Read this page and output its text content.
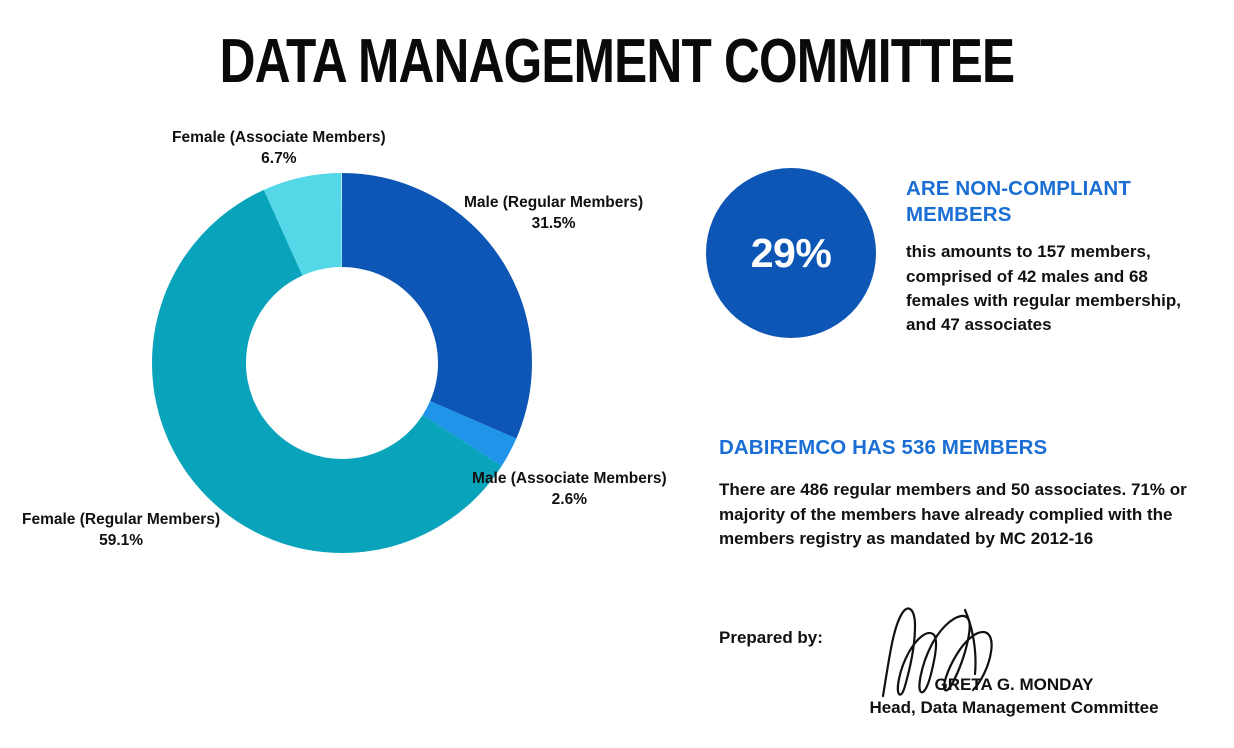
DATA MANAGEMENT COMMITTEE
Female (Associate Members)
6.7%
Male (Regular Members)
31.5%
Male (Associate Members)
2.6%
Female (Regular Members)
59.1%
29%
ARE NON-COMPLIANT MEMBERS
this amounts to 157 members, comprised of 42 males and 68 females with regular membership, and 47 associates
DABIREMCO HAS 536 MEMBERS
There are 486 regular members and 50 associates. 71% or majority of the members have already complied with the members registry as mandated by MC 2012-16
Prepared by:
GRETA G. MONDAY
Head, Data Management Committee
